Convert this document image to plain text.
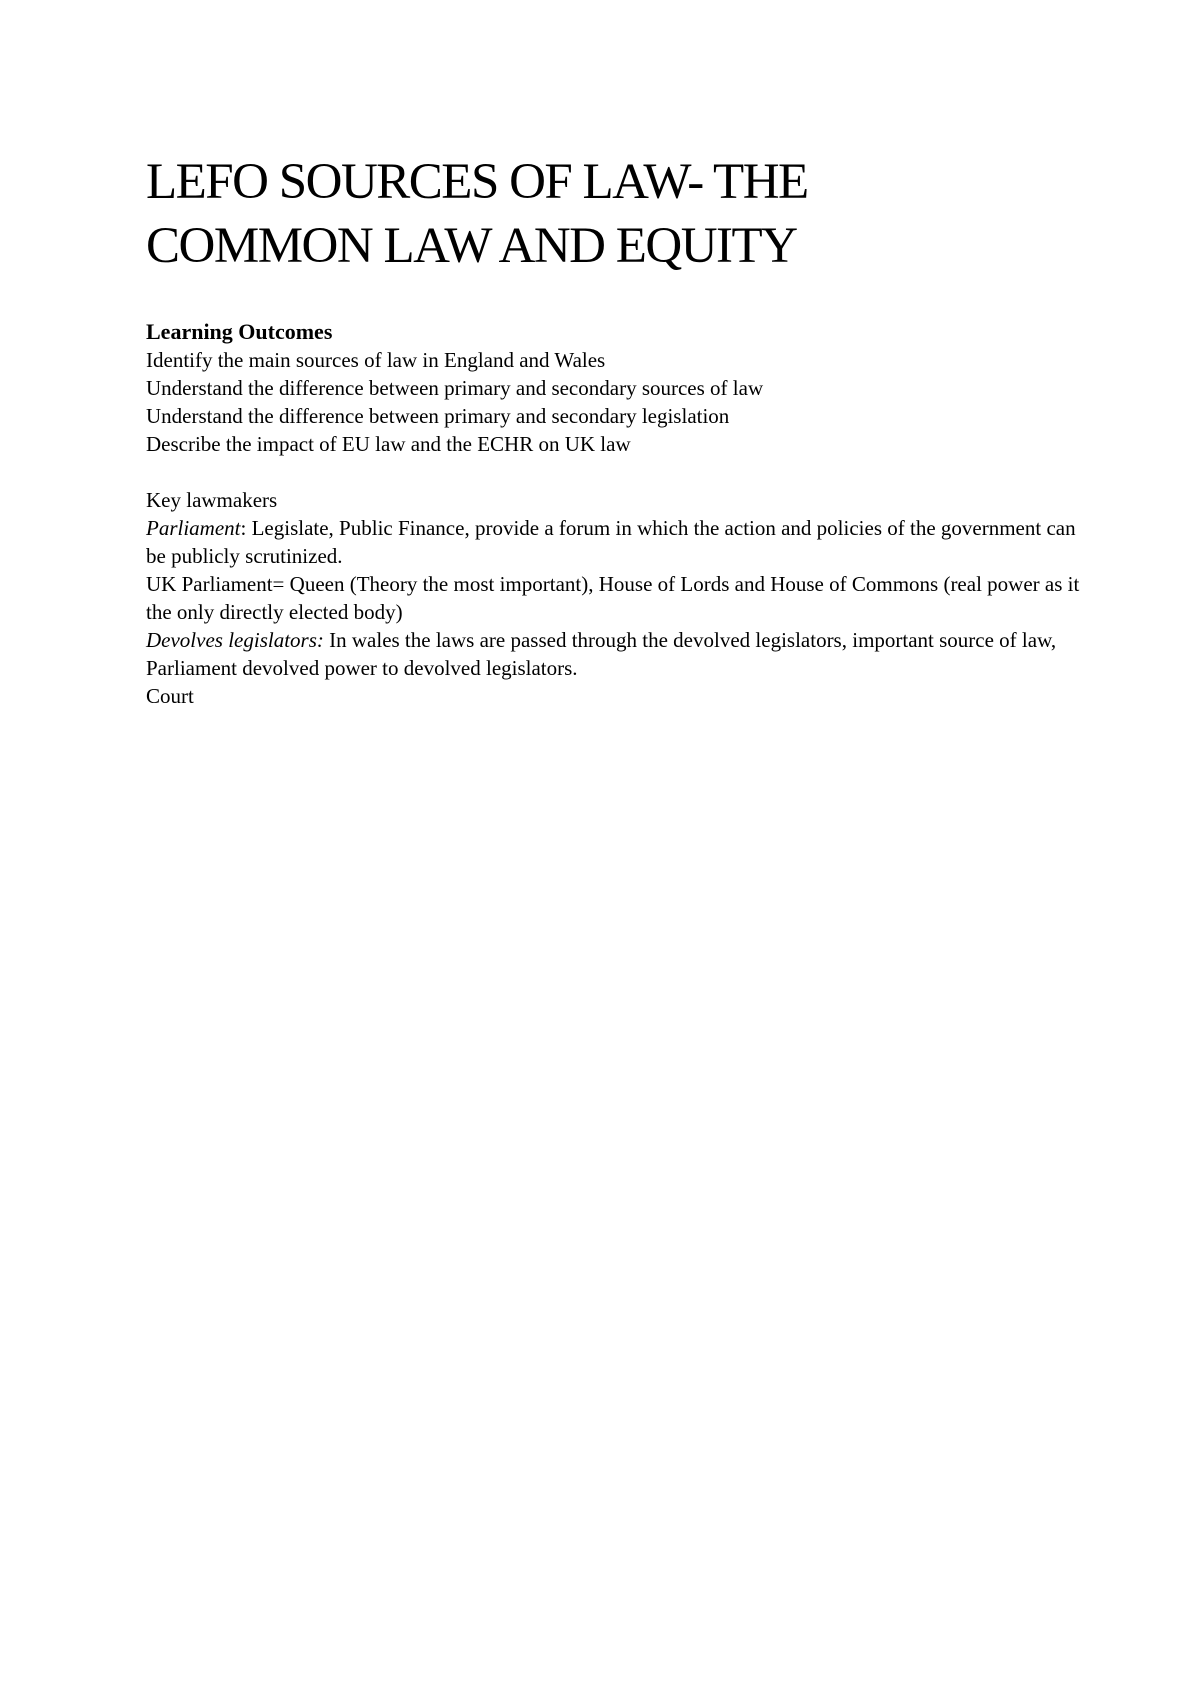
LEFO SOURCES OF LAW- THE
COMMON LAW AND EQUITY
Learning Outcomes
Identify the main sources of law in England and Wales
Understand the difference between primary and secondary sources of law
Understand the difference between primary and secondary legislation
Describe the impact of EU law and the ECHR on UK law
Key lawmakers
Parliament: Legislate, Public Finance, provide a forum in which the action and policies of the government can be publicly scrutinized.
UK Parliament= Queen (Theory the most important), House of Lords and House of Commons (real power as it the only directly elected body)
Devolves legislators: In wales the laws are passed through the devolved legislators, important source of law, Parliament devolved power to devolved legislators.
Court
